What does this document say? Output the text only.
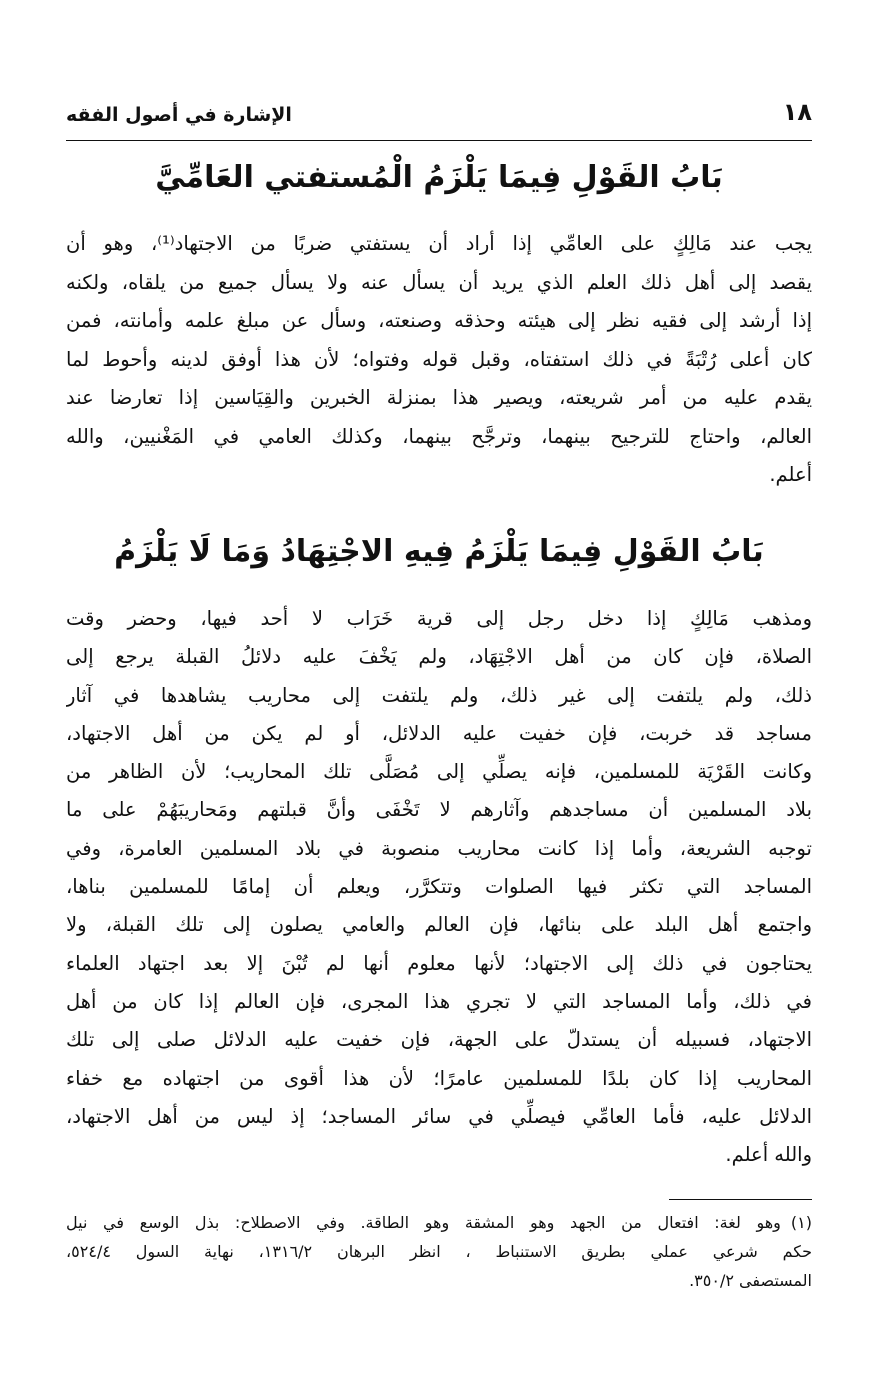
١٨
الإشارة في أصول الفقه
بَابُ القَوْلِ فِيمَا يَلْزَمُ الْمُستفتي العَامِّيَّ
يجب عند مَالِكٍ على العامِّي إذا أراد أن يستفتي ضربًا من الاجتهاد⁽¹⁾، وهو أن
يقصد إلى أهل ذلك العلم الذي يريد أن يسأل عنه ولا يسأل جميع من يلقاه، ولكنه
إذا أرشد إلى فقيه نظر إلى هيئته وحذقه وصنعته، وسأل عن مبلغ علمه وأمانته، فمن
كان أعلى رُتْبَةً في ذلك استفتاه، وقبل قوله وفتواه؛ لأن هذا أوفق لدينه وأحوط لما
يقدم عليه من أمر شريعته، ويصير هذا بمنزلة الخبرين والقِيَاسين إذا تعارضا عند
العالم، واحتاج للترجيح بينهما، وترجَّح بينهما، وكذلك العامي في المَغْنيين، والله
أعلم.
بَابُ القَوْلِ فِيمَا يَلْزَمُ فِيهِ الاجْتِهَادُ وَمَا لَا يَلْزَمُ
ومذهب مَالِكٍ إذا دخل رجل إلى قرية خَرَاب لا أحد فيها، وحضر وقت
الصلاة، فإن كان من أهل الاجْتِهَاد، ولم يَخْفَ عليه دلائلُ القبلة يرجع إلى
ذلك، ولم يلتفت إلى غير ذلك، ولم يلتفت إلى محاريب يشاهدها في آثار
مساجد قد خربت، فإن خفيت عليه الدلائل، أو لم يكن من أهل الاجتهاد،
وكانت القَرْيَة للمسلمين، فإنه يصلِّي إلى مُصَلَّى تلك المحاريب؛ لأن الظاهر من
بلاد المسلمين أن مساجدهم وآثارهم لا تَخْفَى وأنَّ قبلتهم ومَحاريبَهُمْ على ما
توجبه الشريعة، وأما إذا كانت محاريب منصوبة في بلاد المسلمين العامرة، وفي
المساجد التي تكثر فيها الصلوات وتتكرَّر، ويعلم أن إمامًا للمسلمين بناها،
واجتمع أهل البلد على بنائها، فإن العالم والعامي يصلون إلى تلك القبلة، ولا
يحتاجون في ذلك إلى الاجتهاد؛ لأنها معلوم أنها لم تُبْنَ إلا بعد اجتهاد العلماء
في ذلك، وأما المساجد التي لا تجري هذا المجرى، فإن العالم إذا كان من أهل
الاجتهاد، فسبيله أن يستدلّ على الجهة، فإن خفيت عليه الدلائل صلى إلى تلك
المحاريب إذا كان بلدًا للمسلمين عامرًا؛ لأن هذا أقوى من اجتهاده مع خفاء
الدلائل عليه، فأما العامِّي فيصلِّي في سائر المساجد؛ إذ ليس من أهل الاجتهاد،
والله أعلم.
(١)وهو لغة: افتعال من الجهد وهو المشقة وهو الطاقة. وفي الاصطلاح: بذل الوسع في نيل
حكم شرعي عملي بطريق الاستنباط ، انظر البرهان ١٣١٦/٢، نهاية السول ٥٢٤/٤،
المستصفى ٣٥٠/٢.
